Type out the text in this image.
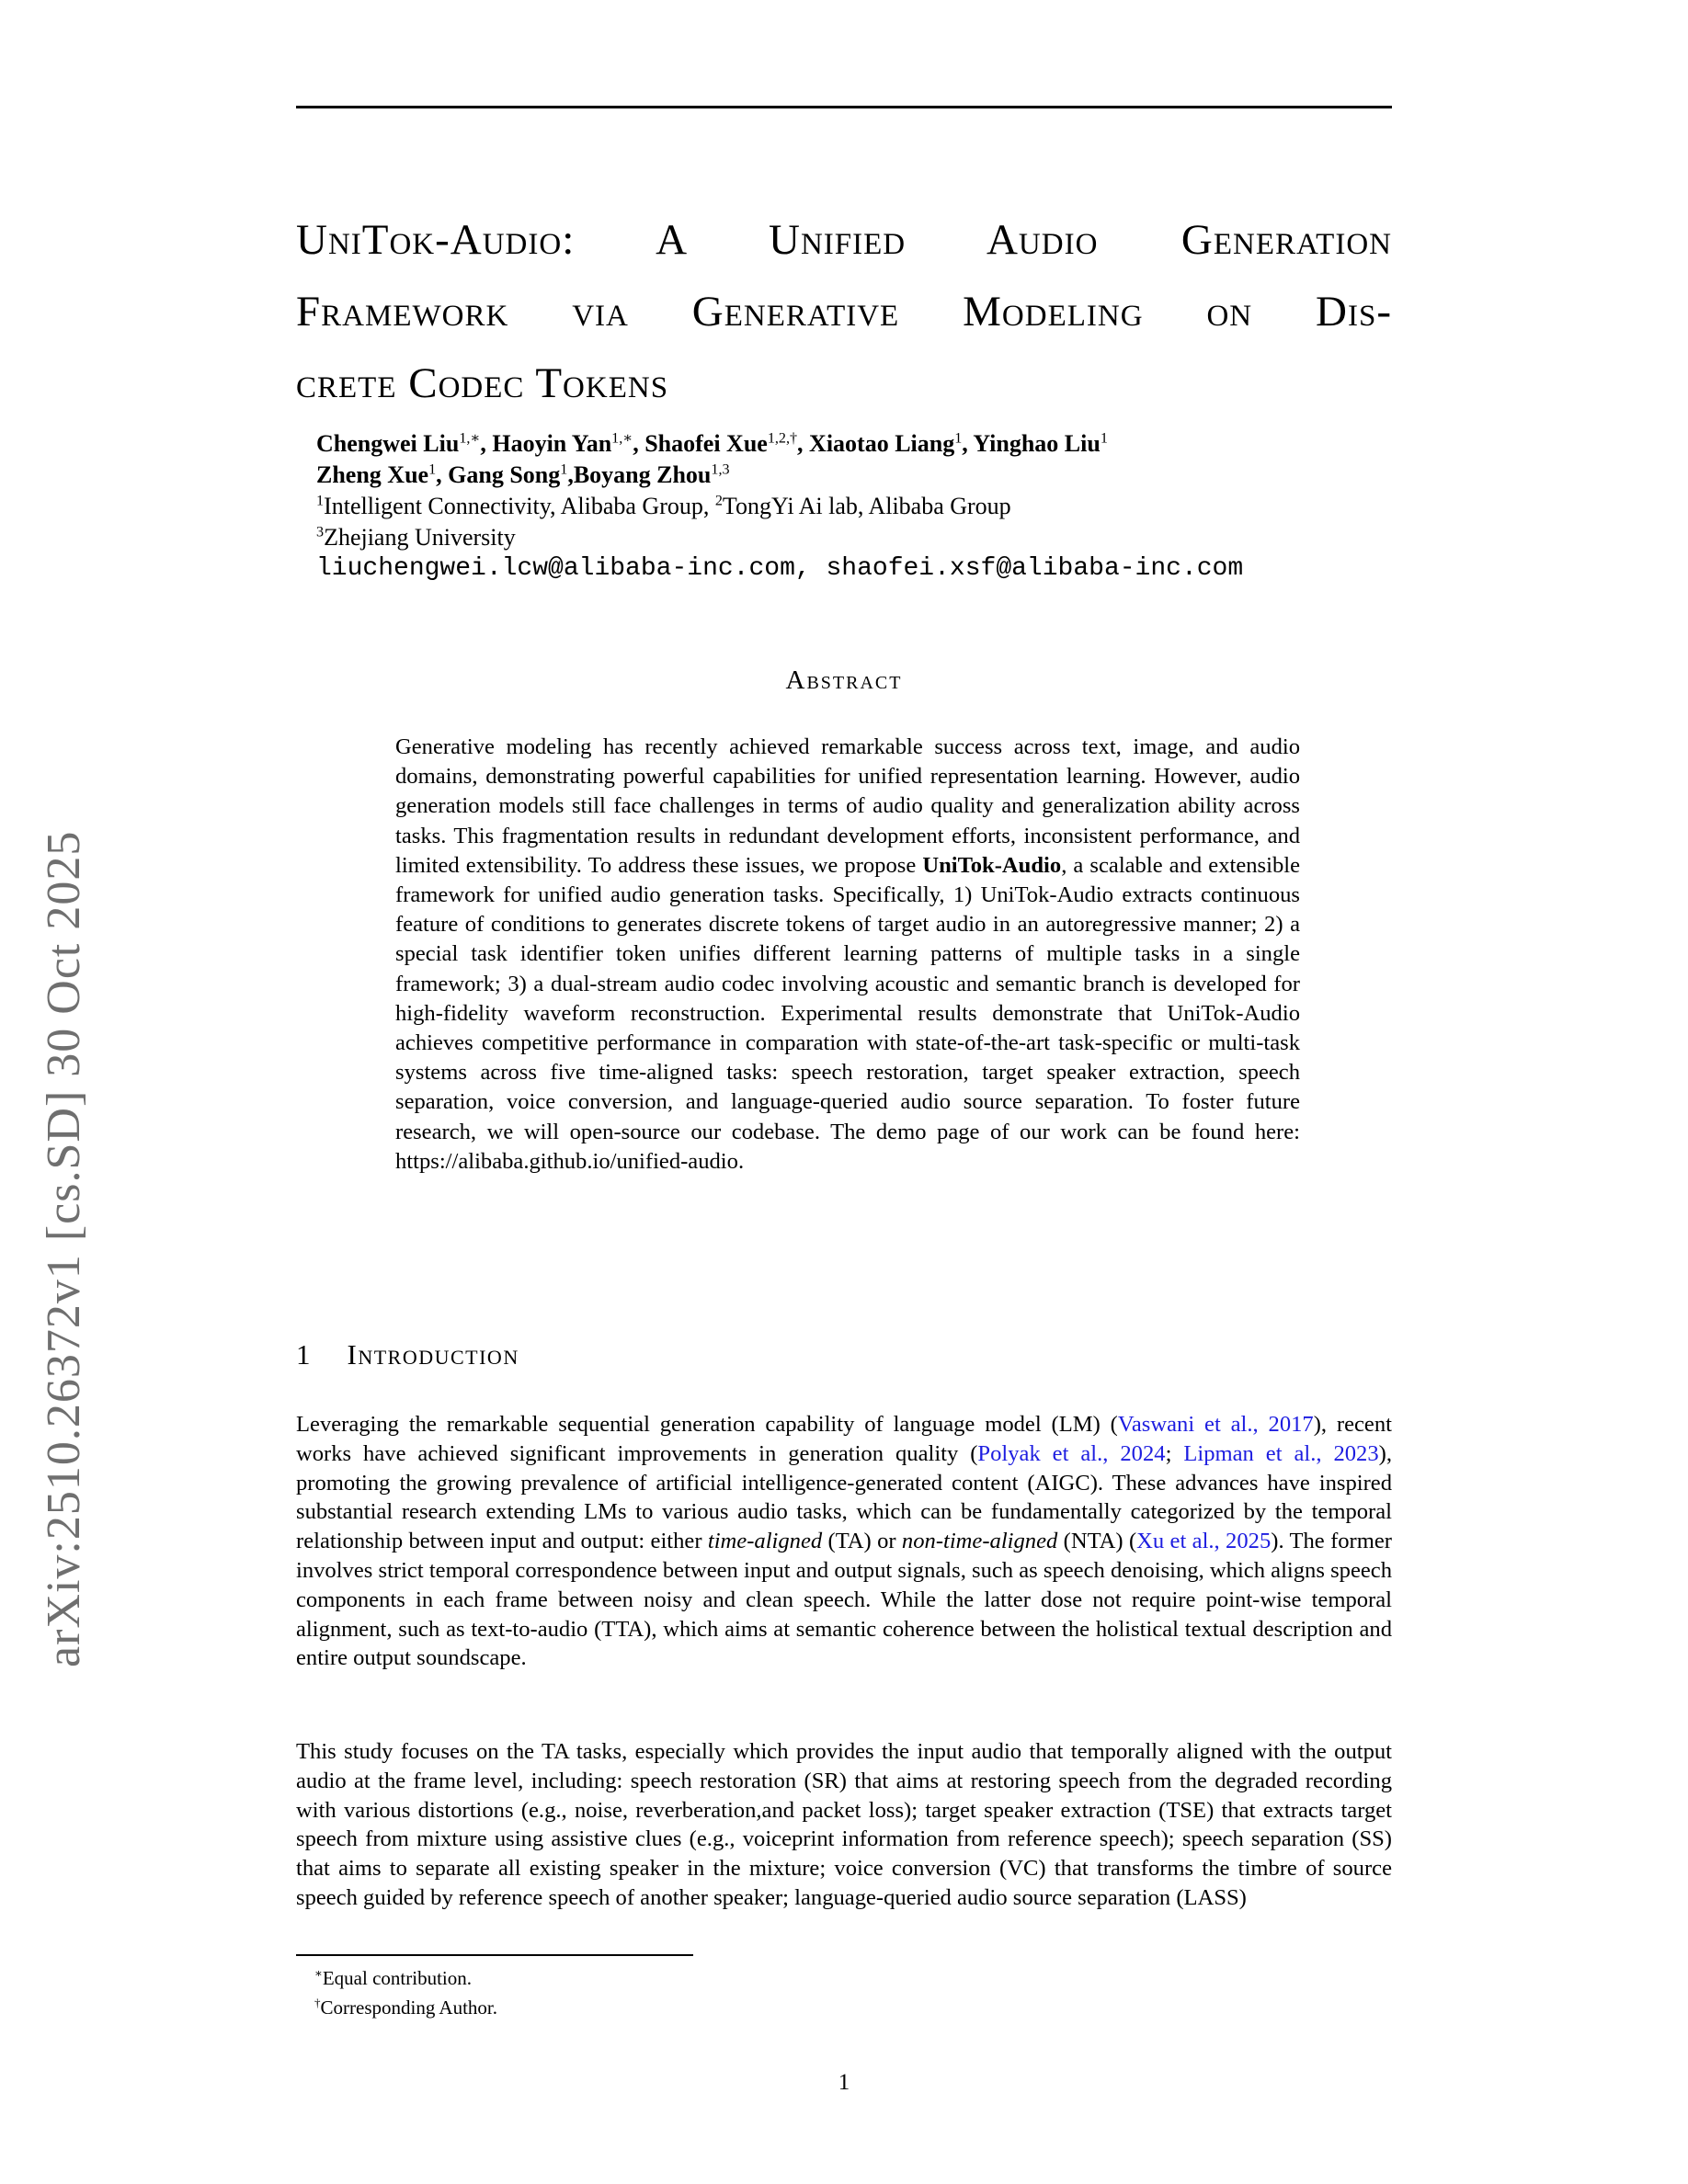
arXiv:2510.26372v1 [cs.SD] 30 Oct 2025
UniTok-Audio: A Unified Audio Generation
Framework via Generative Modeling on Dis-
crete Codec Tokens
Chengwei Liu$^{1,∗}$, Haoyin Yan$^{1,∗}$, Shaofei Xue$^{1,2,\dagger}$, Xiaotao Liang$^1$, Yinghao Liu$^1$
Zheng Xue$^1$, Gang Song$^1$,Boyang Zhou$^{1,3}$
$^1$Intelligent Connectivity, Alibaba Group, $^2$TongYi Ai lab, Alibaba Group
$^3$Zhejiang University
liuchengwei.lcw@alibaba-inc.com, shaofei.xsf@alibaba-inc.com
Abstract
Generative modeling has recently achieved remarkable success across text, image, and audio domains, demonstrating powerful capabilities for unified representation learning. However, audio generation models still face challenges in terms of audio quality and generalization ability across tasks. This fragmentation results in redundant development efforts, inconsistent performance, and limited extensibility. To address these issues, we propose UniTok-Audio, a scalable and extensible framework for unified audio generation tasks. Specifically, 1) UniTok-Audio extracts continuous feature of conditions to generates discrete tokens of target audio in an autoregressive manner; 2) a special task identifier token unifies different learning patterns of multiple tasks in a single framework; 3) a dual-stream audio codec involving acoustic and semantic branch is developed for high-fidelity waveform reconstruction. Experimental results demonstrate that UniTok-Audio achieves competitive performance in comparation with state-of-the-art task-specific or multi-task systems across five time-aligned tasks: speech restoration, target speaker extraction, speech separation, voice conversion, and language-queried audio source separation. To foster future research, we will open-source our codebase. The demo page of our work can be found here: https://alibaba.github.io/unified-audio.
1 Introduction
Leveraging the remarkable sequential generation capability of language model (LM) (Vaswani et al., 2017), recent works have achieved significant improvements in generation quality (Polyak et al., 2024; Lipman et al., 2023), promoting the growing prevalence of artificial intelligence-generated content (AIGC). These advances have inspired substantial research extending LMs to various audio tasks, which can be fundamentally categorized by the temporal relationship between input and output: either time-aligned (TA) or non-time-aligned (NTA) (Xu et al., 2025). The former involves strict temporal correspondence between input and output signals, such as speech denoising, which aligns speech components in each frame between noisy and clean speech. While the latter dose not require point-wise temporal alignment, such as text-to-audio (TTA), which aims at semantic coherence between the holistical textual description and entire output soundscape.
This study focuses on the TA tasks, especially which provides the input audio that temporally aligned with the output audio at the frame level, including: speech restoration (SR) that aims at restoring speech from the degraded recording with various distortions (e.g., noise, reverberation,and packet loss); target speaker extraction (TSE) that extracts target speech from mixture using assistive clues (e.g., voiceprint information from reference speech); speech separation (SS) that aims to separate all existing speaker in the mixture; voice conversion (VC) that transforms the timbre of source speech guided by reference speech of another speaker; language-queried audio source separation (LASS)
∗Equal contribution.
†Corresponding Author.
1
